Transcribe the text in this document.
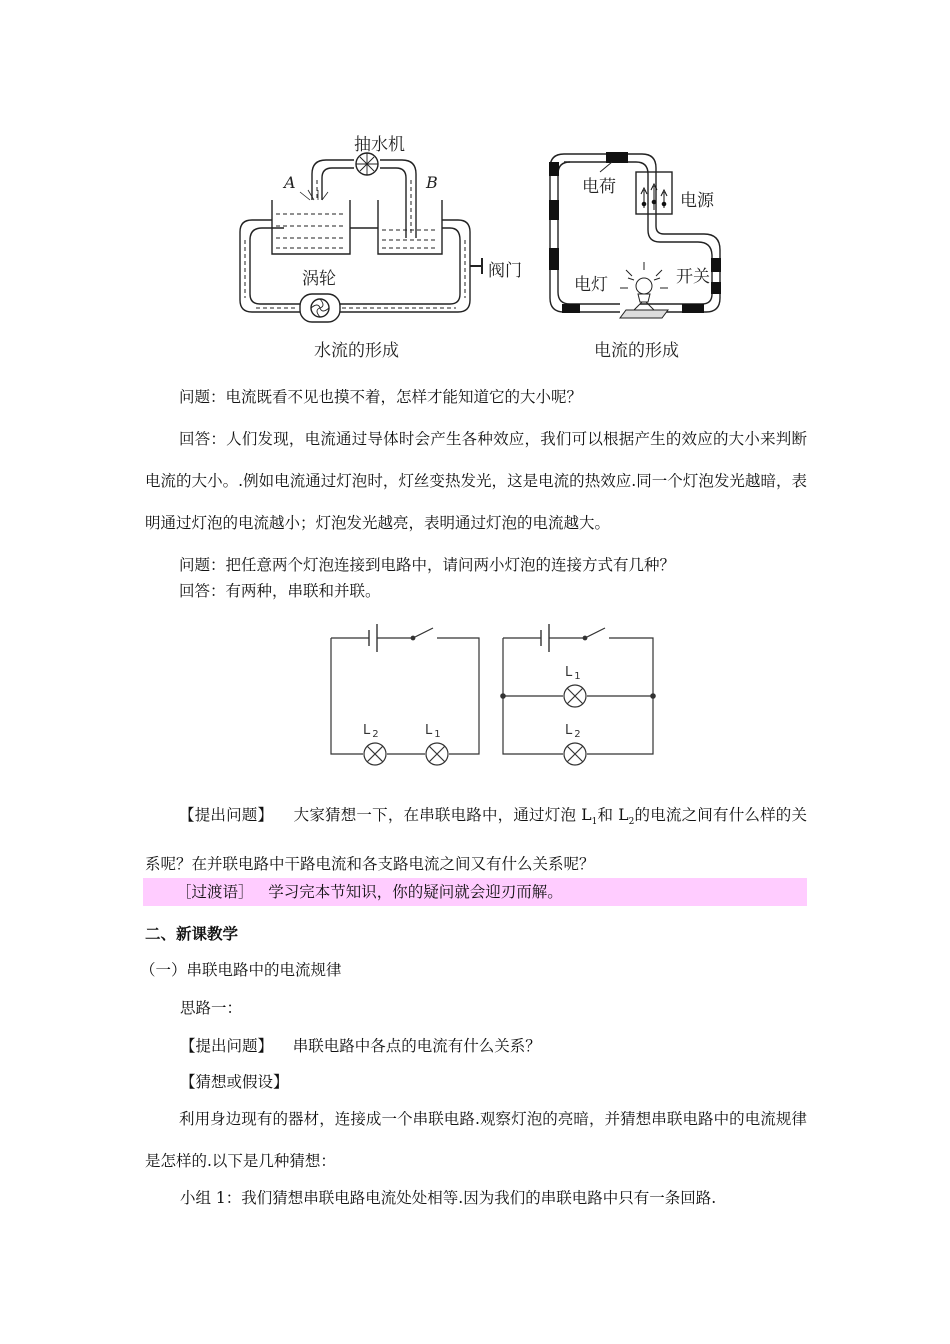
抽水机
A	B
涡轮	阀门
水流的形成
电荷
电源
电灯	开关
电流的形成
问题：电流既看不见也摸不着，怎样才能知道它的大小呢？
回答：人们发现，电流通过导体时会产生各种效应，我们可以根据产生的效应的大小来判断电流的大小。.例如电流通过灯泡时，灯丝变热发光，这是电流的热效应.同一个灯泡发光越暗，表明通过灯泡的电流越小；灯泡发光越亮，表明通过灯泡的电流越大。
问题：把任意两个灯泡连接到电路中，请问两小灯泡的连接方式有几种？
回答：有两种，串联和并联。
L $_2$	L $_1$
L $_1$
L $_2$
【提出问题】 大家猜想一下，在串联电路中，通过灯泡 $L_1$和 $L_2$的电流之间有什么样的关系呢？在并联电路中干路电流和各支路电流之间又有什么关系呢？
［过渡语］ 学习完本节知识，你的疑问就会迎刃而解。
二、新课教学
（一）串联电路中的电流规律
思路一：
【提出问题】 串联电路中各点的电流有什么关系？
【猜想或假设】
利用身边现有的器材，连接成一个串联电路.观察灯泡的亮暗，并猜想串联电路中的电流规律是怎样的.以下是几种猜想：
小组 1：我们猜想串联电路电流处处相等.因为我们的串联电路中只有一条回路.
